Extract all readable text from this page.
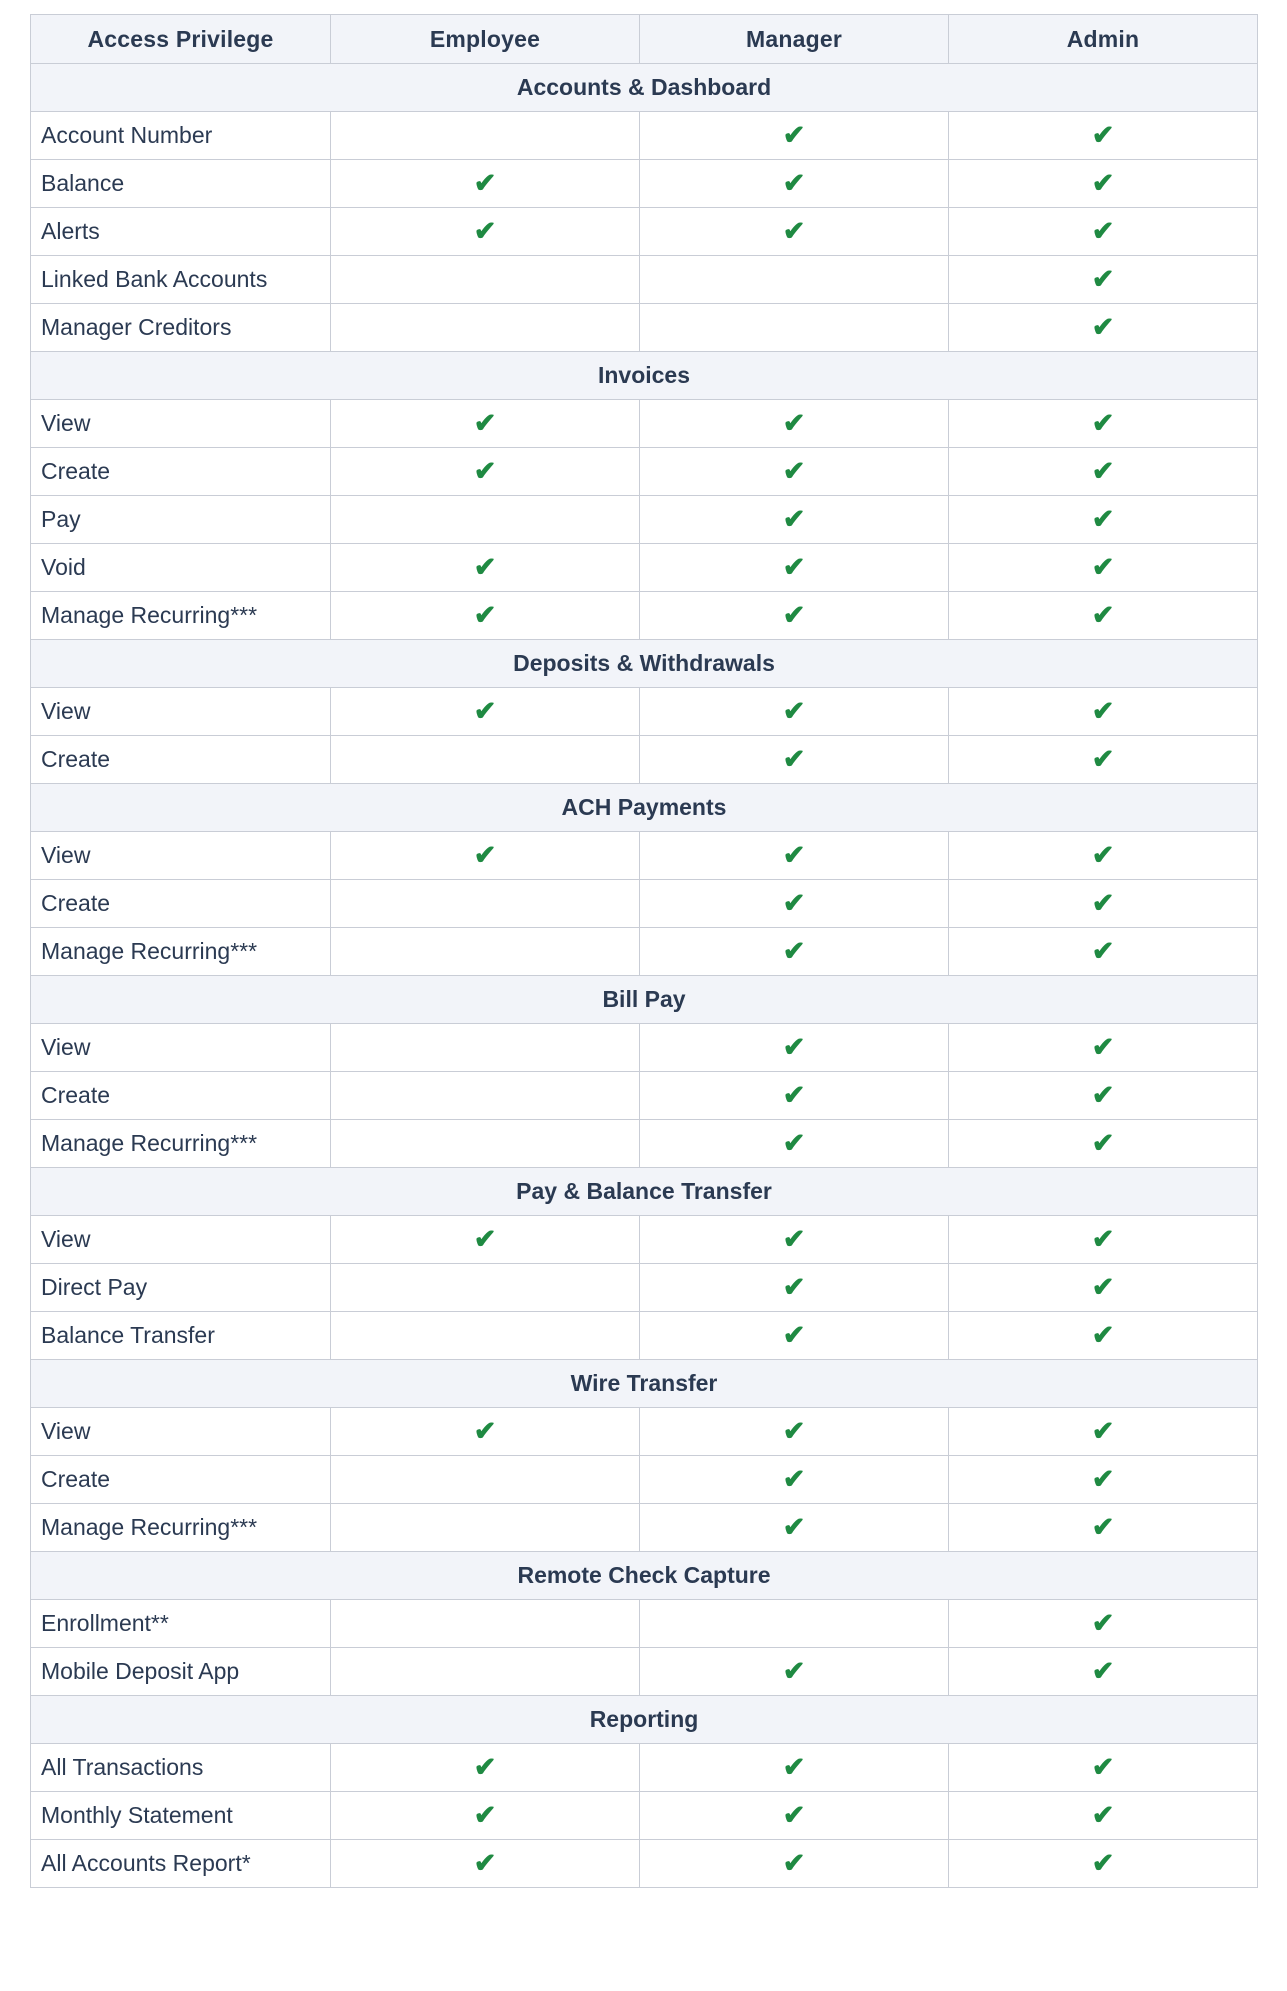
Access Privilege	Employee	Manager	Admin
Accounts & Dashboard			
Account Number		✔	✔
Balance	✔	✔	✔
Alerts	✔	✔	✔
Linked Bank Accounts			✔
Manager Creditors			✔
Invoices			
View	✔	✔	✔
Create	✔	✔	✔
Pay		✔	✔
Void	✔	✔	✔
Manage Recurring***	✔	✔	✔
Deposits & Withdrawals			
View	✔	✔	✔
Create		✔	✔
ACH Payments			
View	✔	✔	✔
Create		✔	✔
Manage Recurring***		✔	✔
Bill Pay			
View		✔	✔
Create		✔	✔
Manage Recurring***		✔	✔
Pay & Balance Transfer			
View	✔	✔	✔
Direct Pay		✔	✔
Balance Transfer		✔	✔
Wire Transfer			
View	✔	✔	✔
Create		✔	✔
Manage Recurring***		✔	✔
Remote Check Capture			
Enrollment**			✔
Mobile Deposit App		✔	✔
Reporting			
All Transactions	✔	✔	✔
Monthly Statement	✔	✔	✔
All Accounts Report*	✔	✔	✔
